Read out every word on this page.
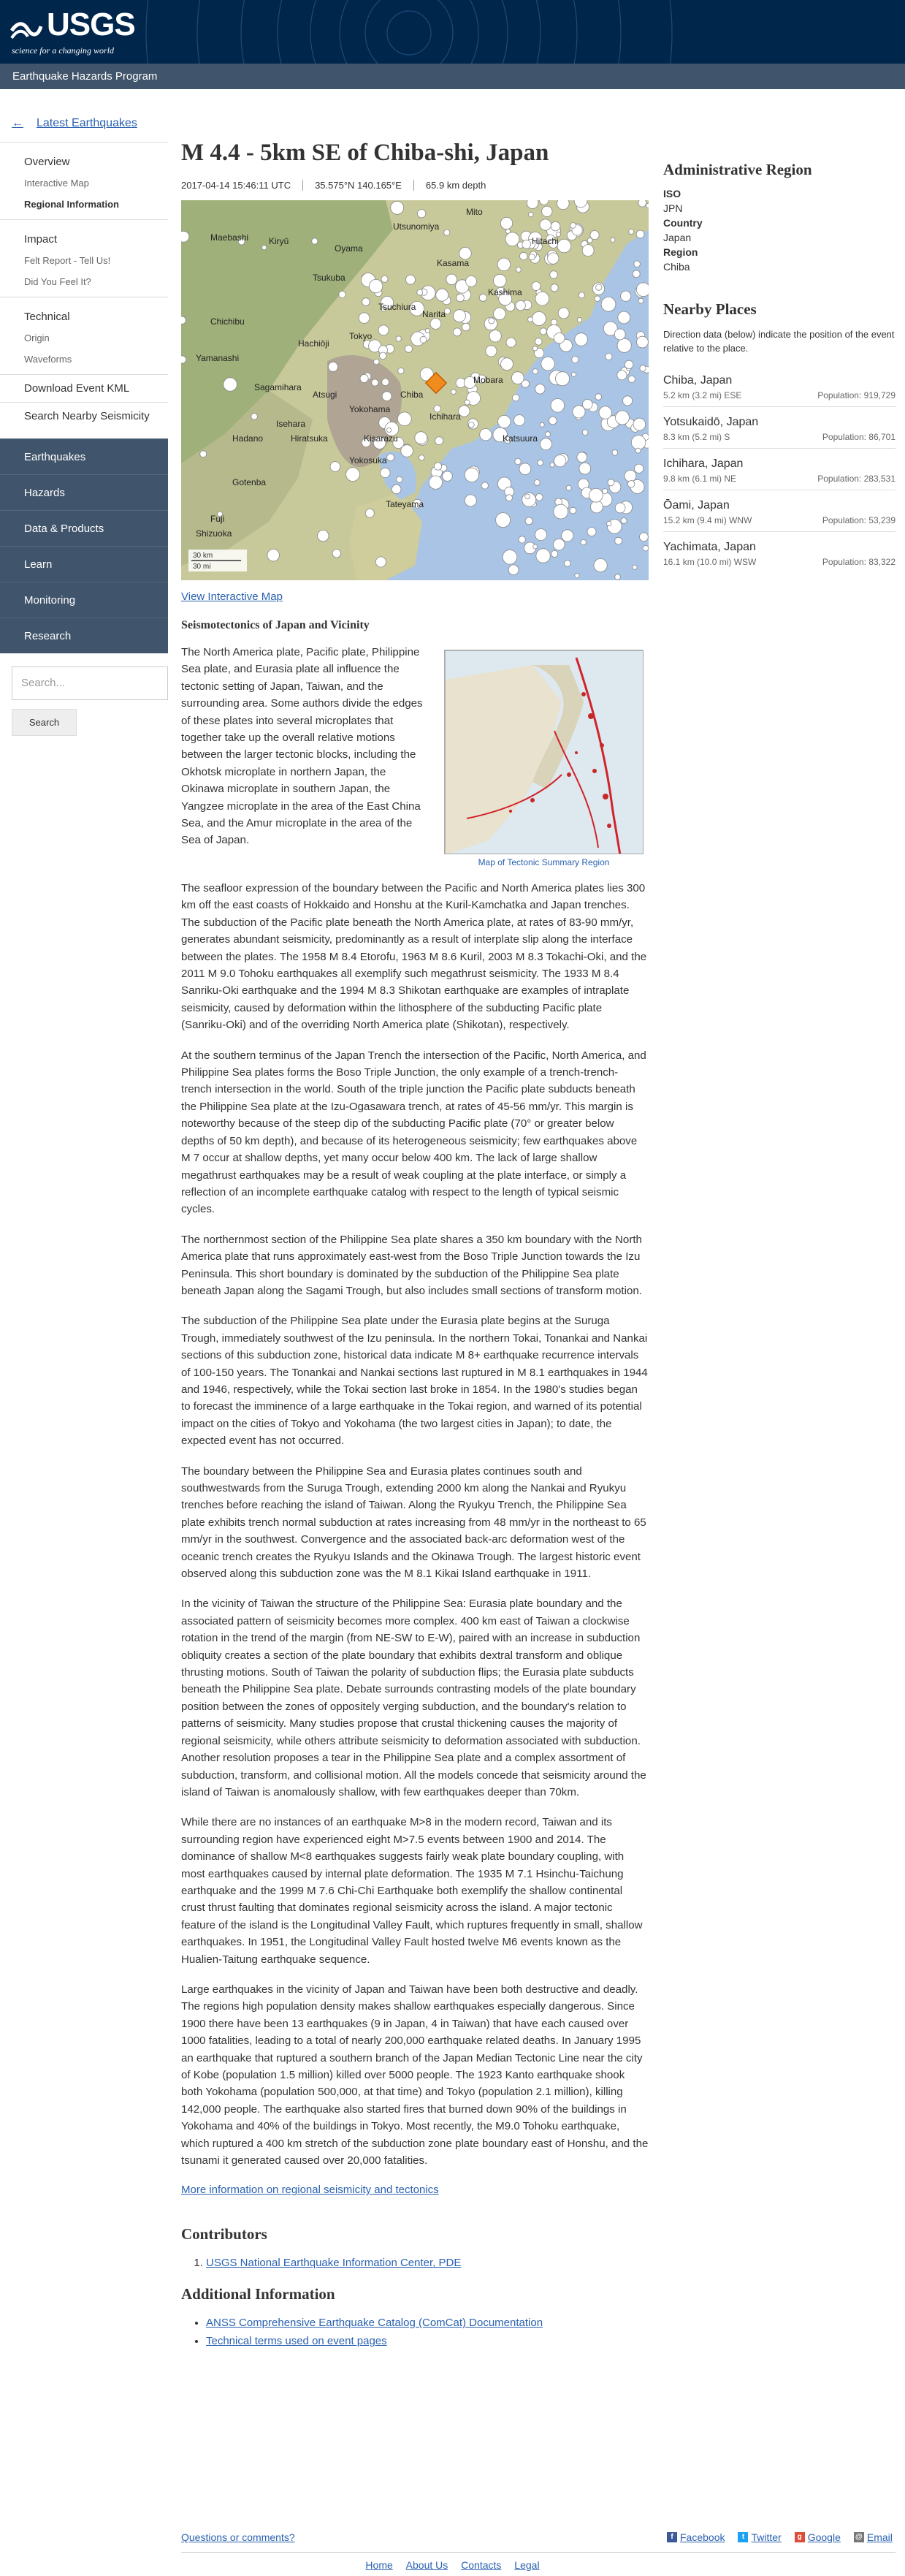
USGS
science for a changing world
Earthquake Hazards Program
← Latest Earthquakes
Overview
Interactive Map
Regional Information
Impact
Felt Report - Tell Us!
Did You Feel It?
Technical
Origin
Waveforms
Download Event KML
Search Nearby Seismicity
Earthquakes
Hazards
Data & Products
Learn
Monitoring
Research
Search...
Search
M 4.4 - 5km SE of Chiba-shi, Japan
2017-04-14 15:46:11 UTC	35.575°N 140.165°E	65.9 km depth
Utsunomiya
Maebashi
Oyama
Kiryū
Tsukuba
Chichibu
Hachiōji
Tokyo
Chiba
Yokohama
Sagamihara
Hiratsuka
Hadano
Gotenba
Yokosuka
Tateyama
Shizuoka
Tsuchiura
Kashima
Narita
Mito
Fuji
Hitachi
Kasama
Yamanashi
Isehara
Atsugi
Ichihara
Kisarazu
Mobara
Katsuura
30 km
30 mi
View Interactive Map
Seismotectonics of Japan and Vicinity

The North America plate, Pacific plate, Philippine Sea plate, and Eurasia plate all influence the tectonic setting of Japan, Taiwan, and the surrounding area. Some authors divide the edges of these plates into several microplates that together take up the overall relative motions between the larger tectonic blocks, including the Okhotsk microplate in northern Japan, the Okinawa microplate in southern Japan, the Yangzee microplate in the area of the East China Sea, and the Amur microplate in the area of the Sea of Japan.

Map of Tectonic Summary Region

The seafloor expression of the boundary between the Pacific and North America plates lies 300 km off the east coasts of Hokkaido and Honshu at the Kuril-Kamchatka and Japan trenches. The subduction of the Pacific plate beneath the North America plate, at rates of 83-90 mm/yr, generates abundant seismicity, predominantly as a result of interplate slip along the interface between the plates. The 1958 M 8.4 Etorofu, 1963 M 8.6 Kuril, 2003 M 8.3 Tokachi-Oki, and the 2011 M 9.0 Tohoku earthquakes all exemplify such megathrust seismicity. The 1933 M 8.4 Sanriku-Oki earthquake and the 1994 M 8.3 Shikotan earthquake are examples of intraplate seismicity, caused by deformation within the lithosphere of the subducting Pacific plate (Sanriku-Oki) and of the overriding North America plate (Shikotan), respectively.

At the southern terminus of the Japan Trench the intersection of the Pacific, North America, and Philippine Sea plates forms the Boso Triple Junction, the only example of a trench-trench-trench intersection in the world. South of the triple junction the Pacific plate subducts beneath the Philippine Sea plate at the Izu-Ogasawara trench, at rates of 45-56 mm/yr. This margin is noteworthy because of the steep dip of the subducting Pacific plate (70° or greater below depths of 50 km depth), and because of its heterogeneous seismicity; few earthquakes above M 7 occur at shallow depths, yet many occur below 400 km. The lack of large shallow megathrust earthquakes may be a result of weak coupling at the plate interface, or simply a reflection of an incomplete earthquake catalog with respect to the length of typical seismic cycles.

The northernmost section of the Philippine Sea plate shares a 350 km boundary with the North America plate that runs approximately east-west from the Boso Triple Junction towards the Izu Peninsula. This short boundary is dominated by the subduction of the Philippine Sea plate beneath Japan along the Sagami Trough, but also includes small sections of transform motion.

The subduction of the Philippine Sea plate under the Eurasia plate begins at the Suruga Trough, immediately southwest of the Izu peninsula. In the northern Tokai, Tonankai and Nankai sections of this subduction zone, historical data indicate M 8+ earthquake recurrence intervals of 100-150 years. The Tonankai and Nankai sections last ruptured in M 8.1 earthquakes in 1944 and 1946, respectively, while the Tokai section last broke in 1854. In the 1980's studies began to forecast the imminence of a large earthquake in the Tokai region, and warned of its potential impact on the cities of Tokyo and Yokohama (the two largest cities in Japan); to date, the expected event has not occurred.

The boundary between the Philippine Sea and Eurasia plates continues south and southwestwards from the Suruga Trough, extending 2000 km along the Nankai and Ryukyu trenches before reaching the island of Taiwan. Along the Ryukyu Trench, the Philippine Sea plate exhibits trench normal subduction at rates increasing from 48 mm/yr in the northeast to 65 mm/yr in the southwest. Convergence and the associated back-arc deformation west of the oceanic trench creates the Ryukyu Islands and the Okinawa Trough. The largest historic event observed along this subduction zone was the M 8.1 Kikai Island earthquake in 1911.

In the vicinity of Taiwan the structure of the Philippine Sea: Eurasia plate boundary and the associated pattern of seismicity becomes more complex. 400 km east of Taiwan a clockwise rotation in the trend of the margin (from NE-SW to E-W), paired with an increase in subduction obliquity creates a section of the plate boundary that exhibits dextral transform and oblique thrusting motions. South of Taiwan the polarity of subduction flips; the Eurasia plate subducts beneath the Philippine Sea plate. Debate surrounds contrasting models of the plate boundary position between the zones of oppositely verging subduction, and the boundary's relation to patterns of seismicity. Many studies propose that crustal thickening causes the majority of regional seismicity, while others attribute seismicity to deformation associated with subduction. Another resolution proposes a tear in the Philippine Sea plate and a complex assortment of subduction, transform, and collisional motion. All the models concede that seismicity around the island of Taiwan is anomalously shallow, with few earthquakes deeper than 70km.

While there are no instances of an earthquake M>8 in the modern record, Taiwan and its surrounding region have experienced eight M>7.5 events between 1900 and 2014. The dominance of shallow M<8 earthquakes suggests fairly weak plate boundary coupling, with most earthquakes caused by internal plate deformation. The 1935 M 7.1 Hsinchu-Taichung earthquake and the 1999 M 7.6 Chi-Chi Earthquake both exemplify the shallow continental crust thrust faulting that dominates regional seismicity across the island. A major tectonic feature of the island is the Longitudinal Valley Fault, which ruptures frequently in small, shallow earthquakes. In 1951, the Longitudinal Valley Fault hosted twelve M6 events known as the Hualien-Taitung earthquake sequence.

Large earthquakes in the vicinity of Japan and Taiwan have been both destructive and deadly. The regions high population density makes shallow earthquakes especially dangerous. Since 1900 there have been 13 earthquakes (9 in Japan, 4 in Taiwan) that have each caused over 1000 fatalities, leading to a total of nearly 200,000 earthquake related deaths. In January 1995 an earthquake that ruptured a southern branch of the Japan Median Tectonic Line near the city of Kobe (population 1.5 million) killed over 5000 people. The 1923 Kanto earthquake shook both Yokohama (population 500,000, at that time) and Tokyo (population 2.1 million), killing 142,000 people. The earthquake also started fires that burned down 90% of the buildings in Yokohama and 40% of the buildings in Tokyo. Most recently, the M9.0 Tohoku earthquake, which ruptured a 400 km stretch of the subduction zone plate boundary east of Honshu, and the tsunami it generated caused over 20,000 fatalities.

More information on regional seismicity and tectonics
Contributors
1. USGS National Earthquake Information Center, PDE
Additional Information
• ANSS Comprehensive Earthquake Catalog (ComCat) Documentation
• Technical terms used on event pages
Administrative Region
ISO
JPN
Country
Japan
Region
Chiba
Nearby Places

Direction data (below) indicate the position of the event relative to the place.

Chiba, Japan
5.2 km (3.2 mi) ESE	Population: 919,729
Yotsukaidō, Japan
8.3 km (5.2 mi) S	Population: 86,701
Ichihara, Japan
9.8 km (6.1 mi) NE	Population: 283,531
Ōami, Japan
15.2 km (9.4 mi) WNW	Population: 53,239
Yachimata, Japan
16.1 km (10.0 mi) WSW	Population: 83,322
Questions or comments?	f Facebook	t Twitter	g Google @ Email
Home About Us Contacts Legal
